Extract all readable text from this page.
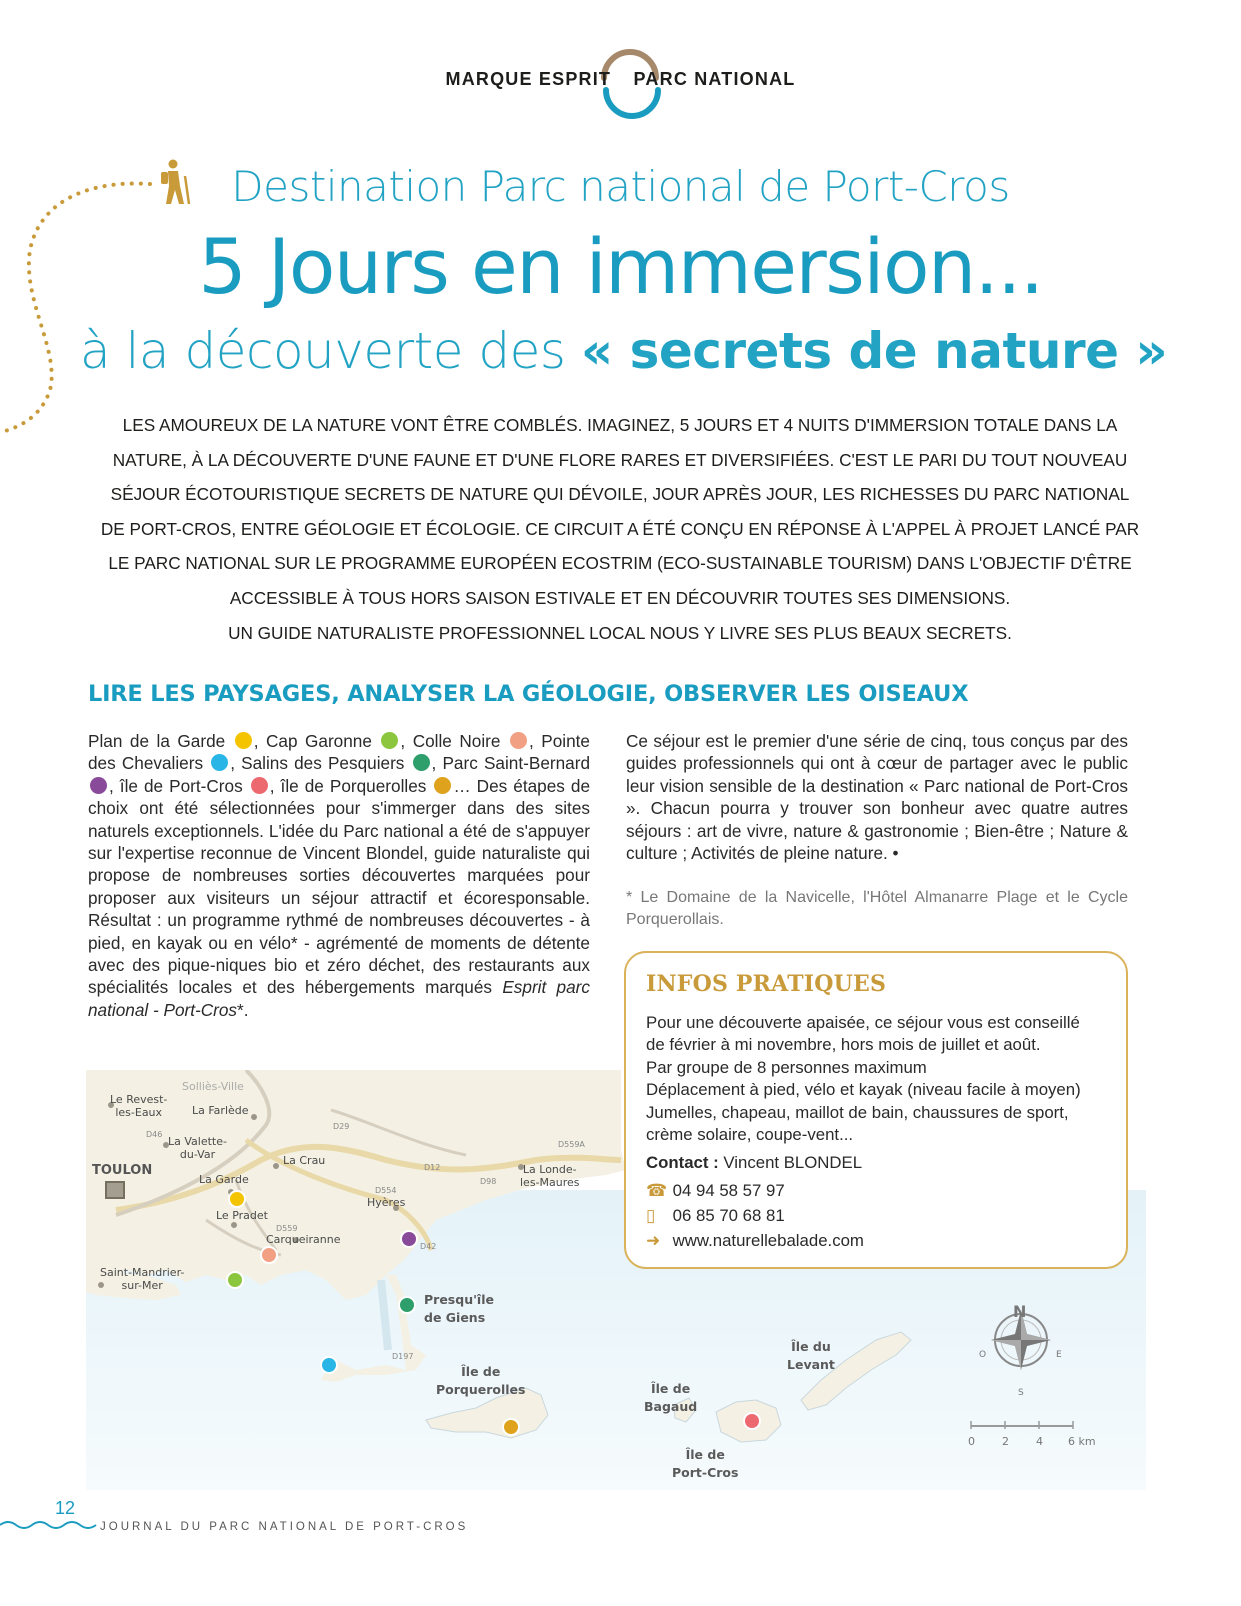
MARQUE ESPRIT PARC NATIONAL
Destination Parc national de Port-Cros
5 Jours en immersion...
à la découverte des « secrets de nature »
LES AMOUREUX DE LA NATURE VONT ÊTRE COMBLÉS. IMAGINEZ, 5 JOURS ET 4 NUITS D'IMMERSION TOTALE DANS LA
NATURE, À LA DÉCOUVERTE D'UNE FAUNE ET D'UNE FLORE RARES ET DIVERSIFIÉES. C'EST LE PARI DU TOUT NOUVEAU
SÉJOUR ÉCOTOURISTIQUE SECRETS DE NATURE QUI DÉVOILE, JOUR APRÈS JOUR, LES RICHESSES DU PARC NATIONAL
DE PORT-CROS, ENTRE GÉOLOGIE ET ÉCOLOGIE. CE CIRCUIT A ÉTÉ CONÇU EN RÉPONSE À L'APPEL À PROJET LANCÉ PAR
LE PARC NATIONAL SUR LE PROGRAMME EUROPÉEN ECOSTRIM (ECO-SUSTAINABLE TOURISM) DANS L'OBJECTIF D'ÊTRE
ACCESSIBLE À TOUS HORS SAISON ESTIVALE ET EN DÉCOUVRIR TOUTES SES DIMENSIONS.
UN GUIDE NATURALISTE PROFESSIONNEL LOCAL NOUS Y LIVRE SES PLUS BEAUX SECRETS.
LIRE LES PAYSAGES, ANALYSER LA GÉOLOGIE, OBSERVER LES OISEAUX
Plan de la Garde , Cap Garonne , Colle Noire , Pointe des Chevaliers , Salins des Pesquiers , Parc Saint-Bernard , île de Port-Cros , île de Porquerolles … Des étapes de choix ont été sélectionnées pour s'immerger dans des sites naturels exceptionnels. L'idée du Parc national a été de s'appuyer sur l'expertise reconnue de Vincent Blondel, guide naturaliste qui propose de nombreuses sorties découvertes marquées pour proposer aux visiteurs un séjour attractif et écoresponsable. Résultat : un programme rythmé de nombreuses découvertes - à pied, en kayak ou en vélo* - agrémenté de moments de détente avec des pique-niques bio et zéro déchet, des restaurants aux spécialités locales et des hébergements marqués Esprit parc national - Port-Cros*.
Ce séjour est le premier d'une série de cinq, tous conçus par des guides professionnels qui ont à cœur de partager avec le public leur vision sensible de la destination « Parc national de Port-Cros ». Chacun pourra y trouver son bonheur avec quatre autres séjours : art de vivre, nature & gastronomie ; Bien-être ; Nature & culture ; Activités de pleine nature. •
* Le Domaine de la Navicelle, l'Hôtel Almanarre Plage et le Cycle Porquerollais.
Solliès-Ville
Le Revest-
les-Eaux	La Farlède
La Valette-
du-Var
TOULON
La Crau
La Londe-
les-Maures
La Garde
Hyères
Le Pradet
Carqueiranne
Saint-Mandrier-
sur-Mer
Presqu'île
de Giens
Île de
Porquerolles	Île de
Bagaud
Île du
Levant
Île de
Port-Cros
D29
D46
D559A
D12
D98
D554
D559
D42
D197
N
E
S
O
0 2 4 6 km
INFOS PRATIQUES
Pour une découverte apaisée, ce séjour vous est conseillé
de février à mi novembre, hors mois de juillet et août.
Par groupe de 8 personnes maximum
Déplacement à pied, vélo et kayak (niveau facile à moyen)
Jumelles, chapeau, maillot de bain, chaussures de sport,
crème solaire, coupe-vent...
Contact : Vincent BLONDEL
☎ 04 94 58 57 97
▯ 06 85 70 68 81
➜ www.naturellebalade.com
12
JOURNAL DU PARC NATIONAL DE PORT-CROS
